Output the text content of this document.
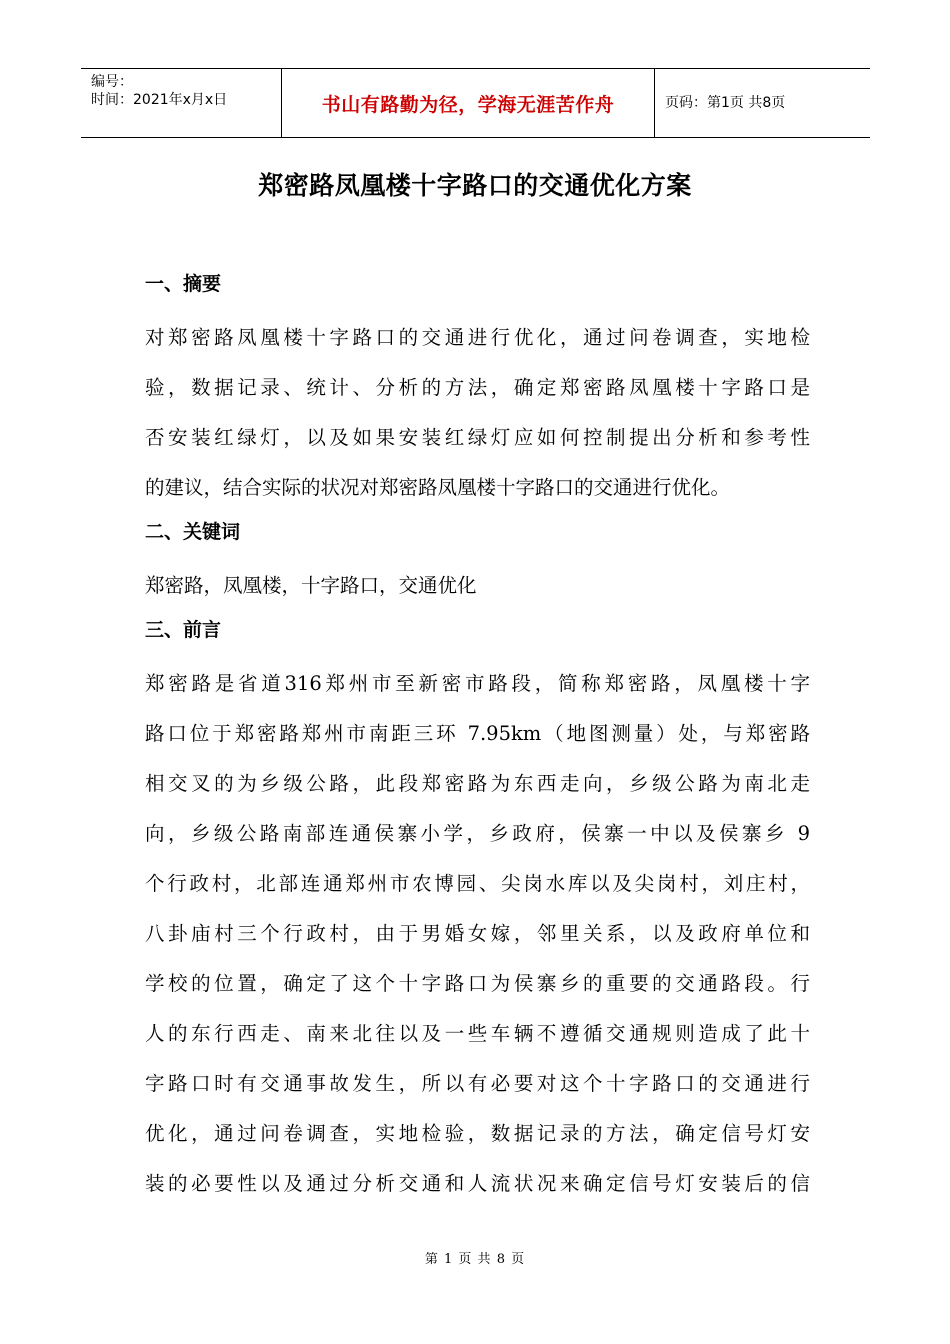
编号：
时间：2021年x月x日	书山有路勤为径，学海无涯苦作舟	页码：第1页 共8页
郑密路凤凰楼十字路口的交通优化方案
一、摘要
对郑密路凤凰楼十字路口的交通进行优化，通过问卷调查，实地检
验，数据记录、统计、分析的方法，确定郑密路凤凰楼十字路口是
否安装红绿灯，以及如果安装红绿灯应如何控制提出分析和参考性
的建议，结合实际的状况对郑密路凤凰楼十字路口的交通进行优化。
二、关键词
郑密路，凤凰楼，十字路口，交通优化
三、前言
郑密路是省道316郑州市至新密市路段，简称郑密路，凤凰楼十字
路口位于郑密路郑州市南距三环 7.95km（地图测量）处，与郑密路
相交叉的为乡级公路，此段郑密路为东西走向，乡级公路为南北走
向，乡级公路南部连通侯寨小学，乡政府，侯寨一中以及侯寨乡 9
个行政村，北部连通郑州市农博园、尖岗水库以及尖岗村，刘庄村，
八卦庙村三个行政村，由于男婚女嫁，邻里关系，以及政府单位和
学校的位置，确定了这个十字路口为侯寨乡的重要的交通路段。行
人的东行西走、南来北往以及一些车辆不遵循交通规则造成了此十
字路口时有交通事故发生，所以有必要对这个十字路口的交通进行
优化，通过问卷调查，实地检验，数据记录的方法，确定信号灯安
装的必要性以及通过分析交通和人流状况来确定信号灯安装后的信
第 1 页 共 8 页
